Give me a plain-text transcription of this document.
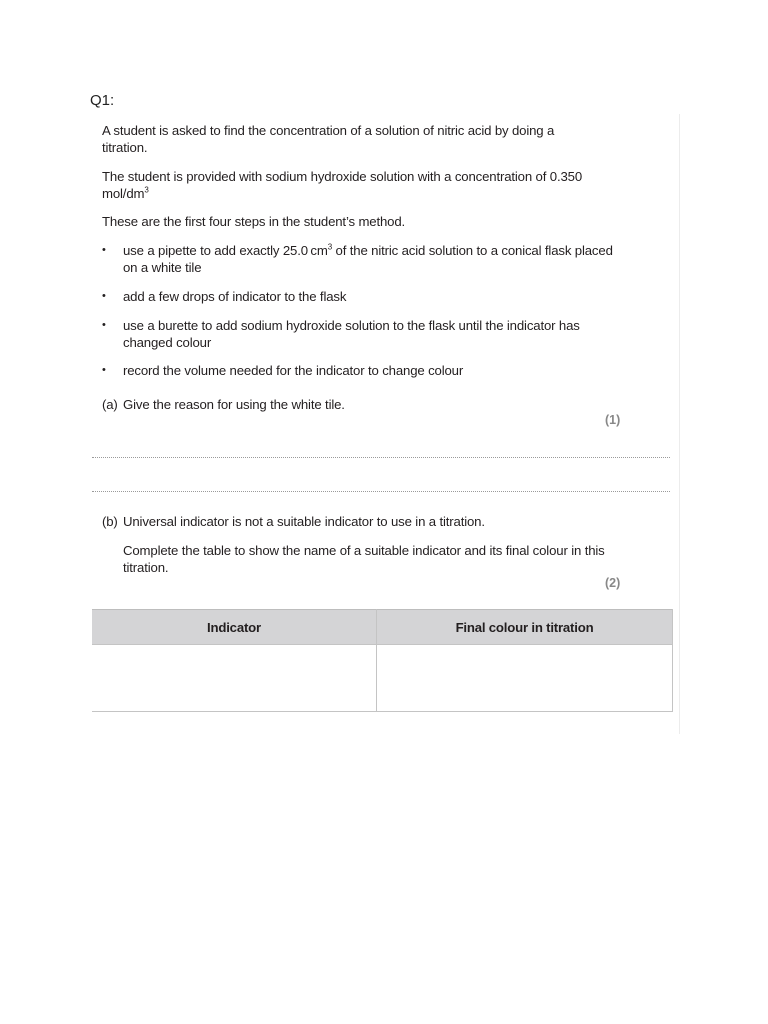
Q1:

A student is asked to find the concentration of a solution of nitric acid by doing a titration.

The student is provided with sodium hydroxide solution with a concentration of 0.350 mol/$dm^3$

These are the first four steps in the student’s method.

• use a pipette to add exactly 25.0 $cm^3$ of the nitric acid solution to a conical flask placed on a white tile
• add a few drops of indicator to the flask
• use a burette to add sodium hydroxide solution to the flask until the indicator has changed colour
• record the volume needed for the indicator to change colour
(a) Give the reason for using the white tile.
(b) Universal indicator is not a suitable indicator to use in a titration.

Complete the table to show the name of a suitable indicator and its final colour in this titration.

(1)
(2)
Indicator	Final colour in titration
